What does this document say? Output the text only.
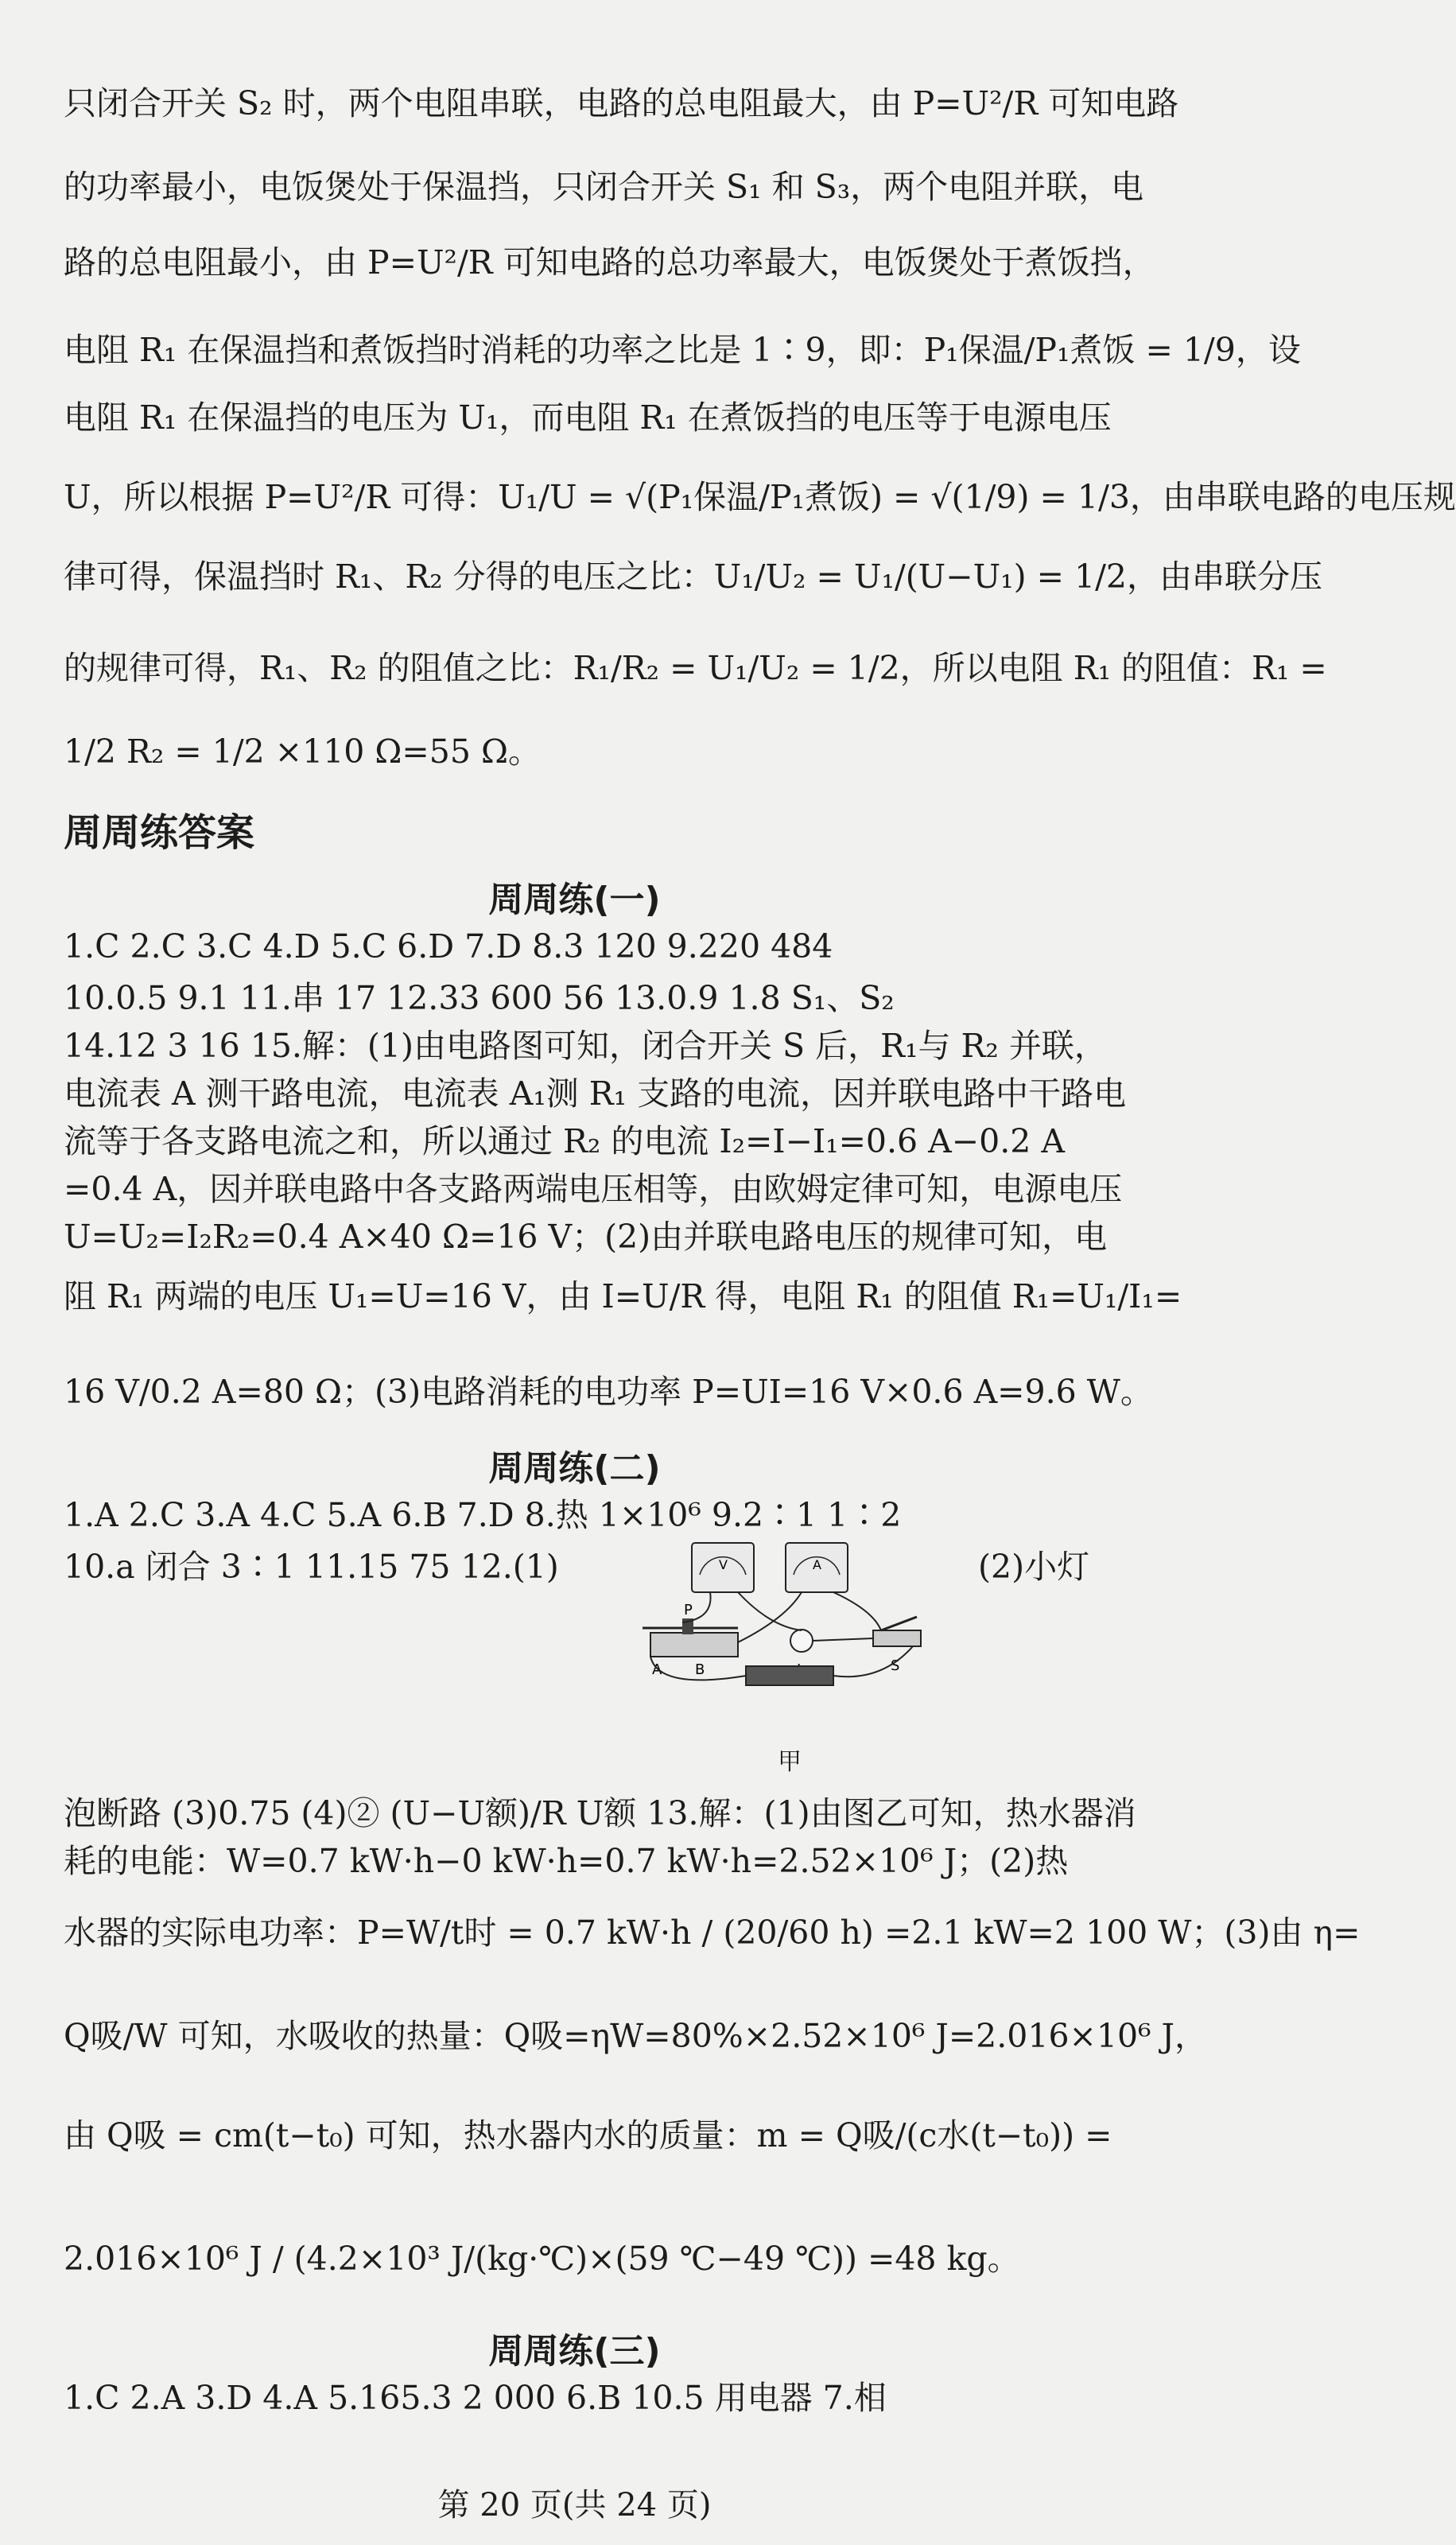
只闭合开关 S₂ 时，两个电阻串联，电路的总电阻最大，由 P=U²/R 可知电路
的功率最小，电饭煲处于保温挡，只闭合开关 S₁ 和 S₃，两个电阻并联，电
路的总电阻最小，由 P=U²/R 可知电路的总功率最大，电饭煲处于煮饭挡，
电阻 R₁ 在保温挡和煮饭挡时消耗的功率之比是 1∶9，即：P₁保温/P₁煮饭 = 1/9，设
电阻 R₁ 在保温挡的电压为 U₁，而电阻 R₁ 在煮饭挡的电压等于电源电压
U，所以根据 P=U²/R 可得：U₁/U = √(P₁保温/P₁煮饭) = √(1/9) = 1/3，由串联电路的电压规
律可得，保温挡时 R₁、R₂ 分得的电压之比：U₁/U₂ = U₁/(U−U₁) = 1/2，由串联分压
的规律可得，R₁、R₂ 的阻值之比：R₁/R₂ = U₁/U₂ = 1/2，所以电阻 R₁ 的阻值：R₁ =
1/2 R₂ = 1/2 ×110 Ω=55 Ω。
周周练答案
周周练(一)
1.C 2.C 3.C 4.D 5.C 6.D 7.D 8.3 120 9.220 484
10.0.5 9.1 11.串 17 12.33 600 56 13.0.9 1.8 S₁、S₂
14.12 3 16 15.解：(1)由电路图可知，闭合开关 S 后，R₁与 R₂ 并联，
电流表 A 测干路电流，电流表 A₁测 R₁ 支路的电流，因并联电路中干路电
流等于各支路电流之和，所以通过 R₂ 的电流 I₂=I−I₁=0.6 A−0.2 A
=0.4 A，因并联电路中各支路两端电压相等，由欧姆定律可知，电源电压
U=U₂=I₂R₂=0.4 A×40 Ω=16 V；(2)由并联电路电压的规律可知，电
阻 R₁ 两端的电压 U₁=U=16 V，由 I=U/R 得，电阻 R₁ 的阻值 R₁=U₁/I₁=
16 V/0.2 A=80 Ω；(3)电路消耗的电功率 P=UI=16 V×0.6 A=9.6 W。
周周练(二)
1.A 2.C 3.A 4.C 5.A 6.B 7.D 8.热 1×10⁶ 9.2∶1 1∶2
10.a 闭合 3∶1 11.15 75 12.(1)	(2)小灯
V	A
P
A B	S
甲
泡断路 (3)0.75 (4)② (U−U额)/R U额 13.解：(1)由图乙可知，热水器消
耗的电能：W=0.7 kW·h−0 kW·h=0.7 kW·h=2.52×10⁶ J；(2)热
水器的实际电功率：P=W/t时 = 0.7 kW·h / (20/60 h) =2.1 kW=2 100 W；(3)由 η=
Q吸/W 可知，水吸收的热量：Q吸=ηW=80%×2.52×10⁶ J=2.016×10⁶ J，
由 Q吸 = cm(t−t₀) 可知，热水器内水的质量：m = Q吸/(c水(t−t₀)) =
2.016×10⁶ J / (4.2×10³ J/(kg·℃)×(59 ℃−49 ℃)) =48 kg。
周周练(三)
1.C 2.A 3.D 4.A 5.165.3 2 000 6.B 10.5 用电器 7.相
第 20 页(共 24 页)
